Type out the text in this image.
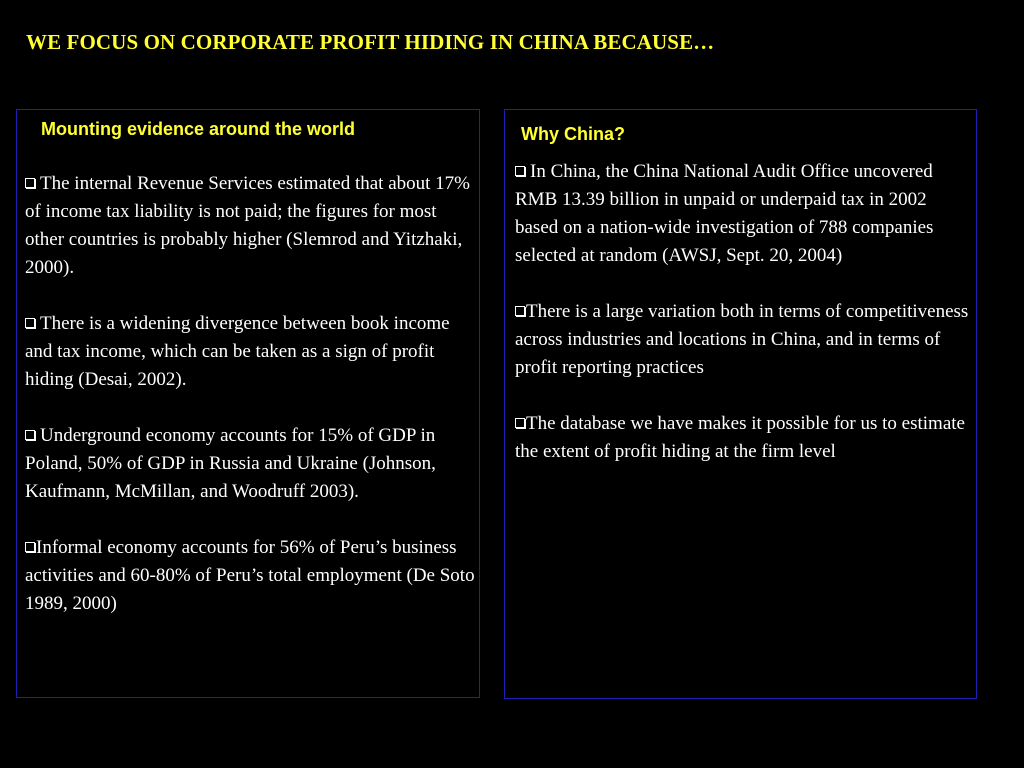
WE FOCUS ON CORPORATE PROFIT HIDING IN CHINA BECAUSE…
Mounting evidence around the world
The internal Revenue Services estimated that about 17% of income tax liability is not paid; the figures for most other countries is probably higher (Slemrod and Yitzhaki, 2000).
There is a widening divergence between book income and tax income, which can be taken as a sign of profit hiding (Desai, 2002).
Underground economy accounts for 15% of GDP in Poland, 50% of GDP in Russia and Ukraine (Johnson, Kaufmann, McMillan, and Woodruff 2003).
Informal economy accounts for 56% of Peru’s business activities and 60-80% of Peru’s total employment (De Soto 1989, 2000)
Why China?
In China, the China National Audit Office uncovered RMB 13.39 billion in unpaid or underpaid tax in 2002 based on a nation-wide investigation of 788 companies selected at random (AWSJ, Sept. 20, 2004)
There is a large variation both in terms of competitiveness across industries and locations in China, and in terms of profit reporting practices
The database we have makes it possible for us to estimate the extent of profit hiding at the firm level
